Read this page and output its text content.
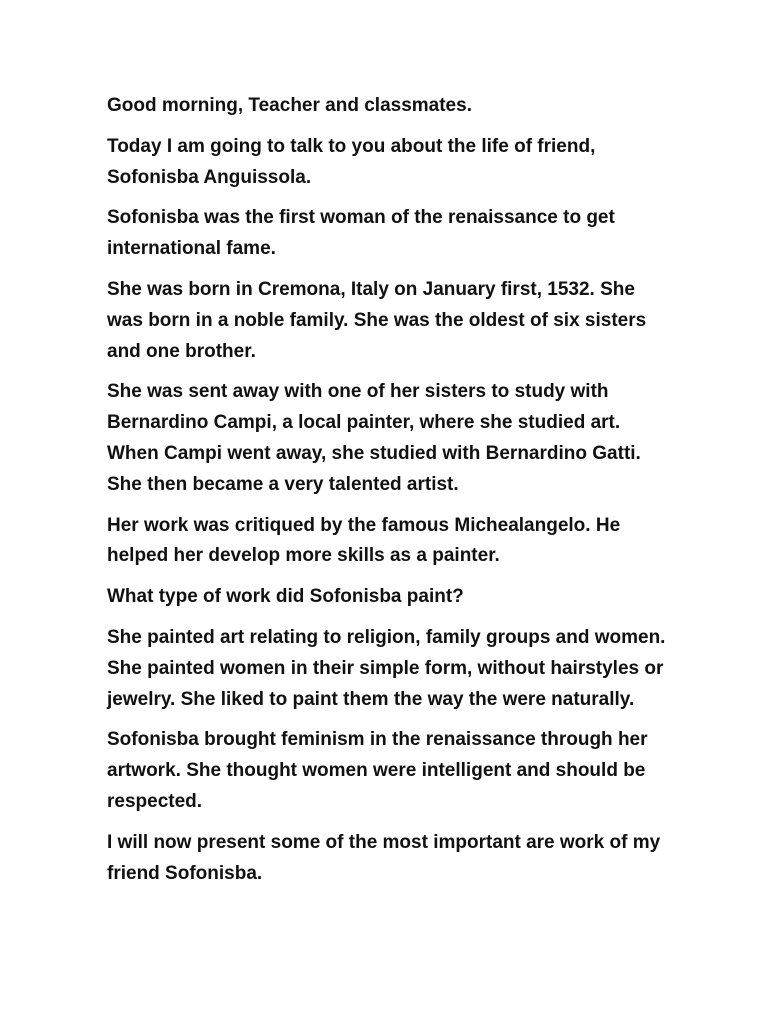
Good morning, Teacher and classmates.

Today I am going to talk to you about the life of friend, Sofonisba Anguissola.

Sofonisba was the first woman of the renaissance to get international fame.

She was born in Cremona, Italy on January first, 1532. She was born in a noble family. She was the oldest of six sisters and one brother.

She was sent away with one of her sisters to study with Bernardino Campi, a local painter, where she studied art. When Campi went away, she studied with Bernardino Gatti. She then became a very talented artist.

Her work was critiqued by the famous Michealangelo. He helped her develop more skills as a painter.

What type of work did Sofonisba paint?

She painted art relating to religion, family groups and women. She painted women in their simple form, without hairstyles or jewelry. She liked to paint them the way the were naturally.

Sofonisba brought feminism in the renaissance through her artwork. She thought women were intelligent and should be respected.

I will now present some of the most important are work of my friend Sofonisba.
